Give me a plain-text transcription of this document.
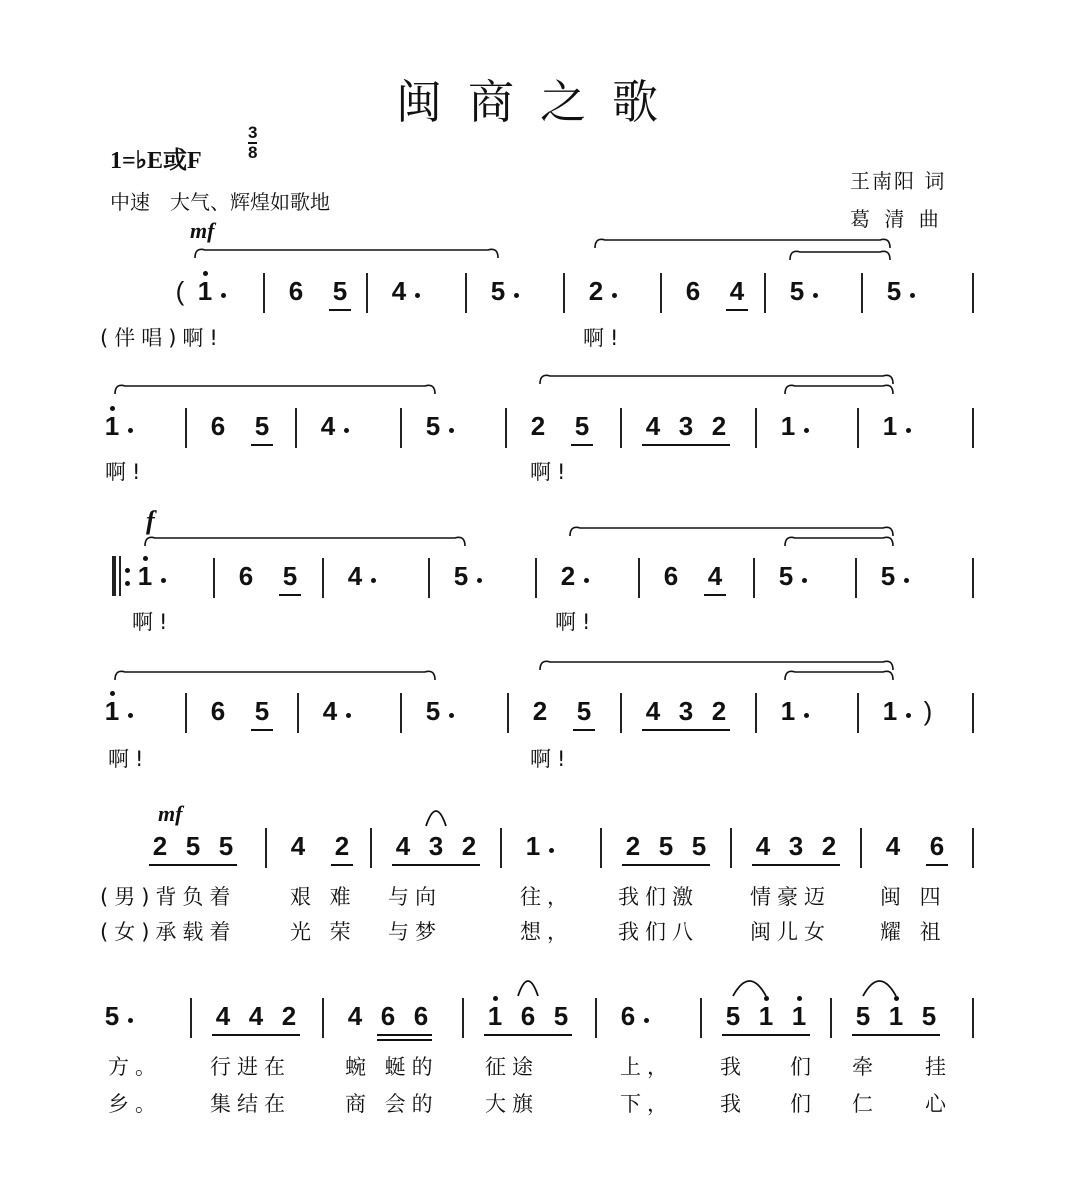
闽商之歌
1=♭E或F	$\frac{3}{8}$
中速　大气、辉煌如歌地
王南阳 词
葛 清 曲
mf
f
mf
( 1	6 5 4	5	2	6 4 5	5
(伴唱)啊!	啊!
1	6 5 4	5	2 5 4 3 2 1	1
啊!	啊!
1	6 5 4	5	2	6 4 5	5
啊!	啊!
1	6 5 4	5	2 5 4 3 2 1	1 )
啊!	啊!
2 5 5 4 2 4 3 2 1	2 5 5 4 3 2 4 6
(男)背负着	艰 难 与向	往， 我们激 情豪迈 闽 四
(女)承载着	光 荣 与梦	想， 我们八 闽儿女 耀 祖
5	4 4 2 4 6 6 1 6 5 6	5 1 1 5 1 5
方。 行进在	蜿 蜒的 征途	上， 我 们 牵 挂
乡。 集结在	商 会的 大旗	下， 我 们 仁 心
